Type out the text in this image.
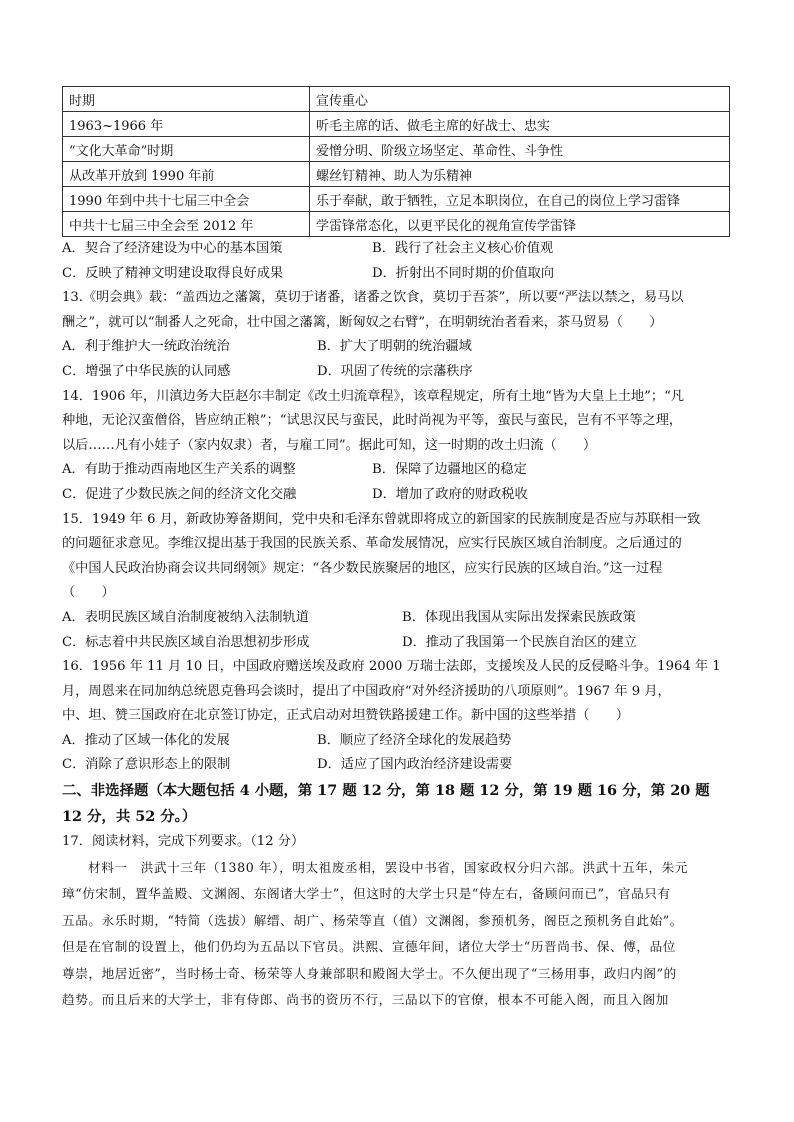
时期	宣传重心
1963~1966 年	听毛主席的话、做毛主席的好战士、忠实
“文化大革命”时期	爱憎分明、阶级立场坚定、革命性、斗争性
从改革开放到 1990 年前	螺丝钉精神、助人为乐精神
1990 年到中共十七届三中全会	乐于奉献，敢于牺牲，立足本职岗位，在自己的岗位上学习雷锋
中共十七届三中全会至 2012 年	学雷锋常态化，以更平民化的视角宣传学雷锋
A．契合了经济建设为中心的基本国策	B．践行了社会主义核心价值观
C．反映了精神文明建设取得良好成果	D．折射出不同时期的价值取向
13.《明会典》载：“盖西边之藩篱，莫切于诸番，诸番之饮食，莫切于吾茶”，所以要“严法以禁之，易马以
酬之”，就可以“制番人之死命，壮中国之藩篱，断匈奴之右臂”，在明朝统治者看来，茶马贸易（　　）
A．利于维护大一统政治统治	B．扩大了明朝的统治疆域
C．增强了中华民族的认同感	D．巩固了传统的宗藩秩序
14．1906 年，川滇边务大臣赵尔丰制定《改土归流章程》，该章程规定，所有土地“皆为大皇上土地”；“凡
种地，无论汉蛮僧俗，皆应纳正粮”；“试思汉民与蛮民，此时尚视为平等，蛮民与蛮民，岂有不平等之理，
以后……凡有小娃子（家内奴隶）者，与雇工同”。据此可知，这一时期的改土归流（　　）
A．有助于推动西南地区生产关系的调整	B．保障了边疆地区的稳定
C．促进了少数民族之间的经济文化交融	D．增加了政府的财政税收
15．1949 年 6 月，新政协筹备期间，党中央和毛泽东曾就即将成立的新国家的民族制度是否应与苏联相一致
的问题征求意见。李维汉提出基于我国的民族关系、革命发展情况，应实行民族区域自治制度。之后通过的
《中国人民政治协商会议共同纲领》规定：“各少数民族聚居的地区，应实行民族的区域自治。”这一过程
（　　）
A．表明民族区域自治制度被纳入法制轨道	B．体现出我国从实际出发探索民族政策
C．标志着中共民族区域自治思想初步形成	D．推动了我国第一个民族自治区的建立
16．1956 年 11 月 10 日，中国政府赠送埃及政府 2000 万瑞士法郎，支援埃及人民的反侵略斗争。1964 年 1
月，周恩来在同加纳总统恩克鲁玛会谈时，提出了中国政府“对外经济援助的八项原则”。1967 年 9 月，
中、坦、赞三国政府在北京签订协定，正式启动对坦赞铁路援建工作。新中国的这些举措（　　）
A．推动了区域一体化的发展	B．顺应了经济全球化的发展趋势
C．消除了意识形态上的限制	D．适应了国内政治经济建设需要
二、非选择题（本大题包括 4 小题，第 17 题 12 分，第 18 题 12 分，第 19 题 16 分，第 20 题
12 分，共 52 分。）
17．阅读材料，完成下列要求。（12 分）
材料一　洪武十三年（1380 年），明太祖废丞相，罢设中书省，国家政权分归六部。洪武十五年，朱元
璋“仿宋制，置华盖殿、文渊阁、东阁诸大学士”，但这时的大学士只是“侍左右，备顾问而已”，官品只有
五品。永乐时期，“特简（选拔）解缙、胡广、杨荣等直（值）文渊阁，参预机务，阁臣之预机务自此始”。
但是在官制的设置上，他们仍均为五品以下官员。洪熙、宣德年间，诸位大学士“历晋尚书、保、傅，品位
尊崇，地居近密”，当时杨士奇、杨荣等人身兼部职和殿阁大学士。不久便出现了“三杨用事，政归内阁”的
趋势。而且后来的大学士，非有侍郎、尚书的资历不行，三品以下的官僚，根本不可能入阁，而且入阁加
